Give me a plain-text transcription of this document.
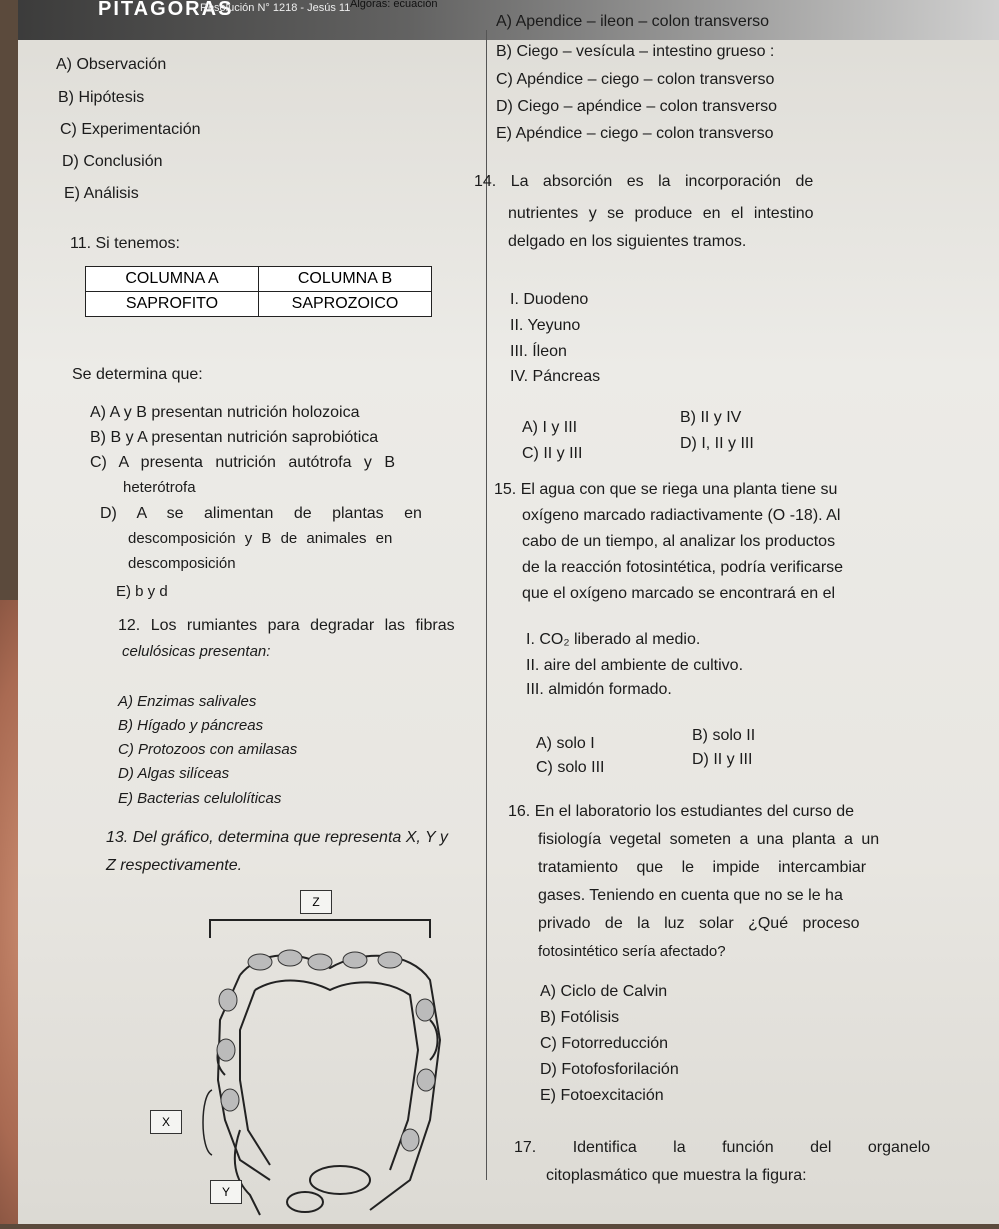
PITAGORAS
Resolución N° 1218 - Jesús 11 Algoras: ecuación
A) Observación
B) Hipótesis
C) Experimentación
D) Conclusión
E) Análisis
11. Si tenemos:
COLUMNA A	COLUMNA B
SAPROFITO	SAPROZOICO
Se determina que:
A) A y B presentan nutrición holozoica
B) B y A presentan nutrición saprobiótica
C) A presenta nutrición autótrofa y B
heterótrofa
D) A se alimentan de plantas en
descomposición y B de animales en
descomposición
E) b y d
12. Los rumiantes para degradar las fibras
celulósicas presentan:
A) Enzimas salivales
B) Hígado y páncreas
C) Protozoos con amilasas
D) Algas silíceas
E) Bacterias celulolíticas
13. Del gráfico, determina que representa X, Y y
Z respectivamente.
Z
X
Y
A) Apendice – ileon – colon transverso
B) Ciego – vesícula – intestino grueso :
C) Apéndice – ciego – colon transverso
D) Ciego – apéndice – colon transverso
E) Apéndice – ciego – colon transverso
14. La absorción es la incorporación de
nutrientes y se produce en el intestino
delgado en los siguientes tramos.
I. Duodeno
II. Yeyuno
III. Íleon
IV. Páncreas
A) I y III
B) II y IV
C) II y III
D) I, II y III
15. El agua con que se riega una planta tiene su
oxígeno marcado radiactivamente (O -18). Al
cabo de un tiempo, al analizar los productos
de la reacción fotosintética, podría verificarse
que el oxígeno marcado se encontrará en el
I. CO₂ liberado al medio.
II. aire del ambiente de cultivo.
III. almidón formado.
A) solo I	B) solo II
C) solo III	D) II y III
16. En el laboratorio los estudiantes del curso de
fisiología vegetal someten a una planta a un
tratamiento que le impide intercambiar
gases. Teniendo en cuenta que no se le ha
privado de la luz solar ¿Qué proceso
fotosintético sería afectado?
A) Ciclo de Calvin
B) Fotólisis
C) Fotorreducción
D) Fotofosforilación
E) Fotoexcitación
17. Identifica la función del organelo
citoplasmático que muestra la figura:
